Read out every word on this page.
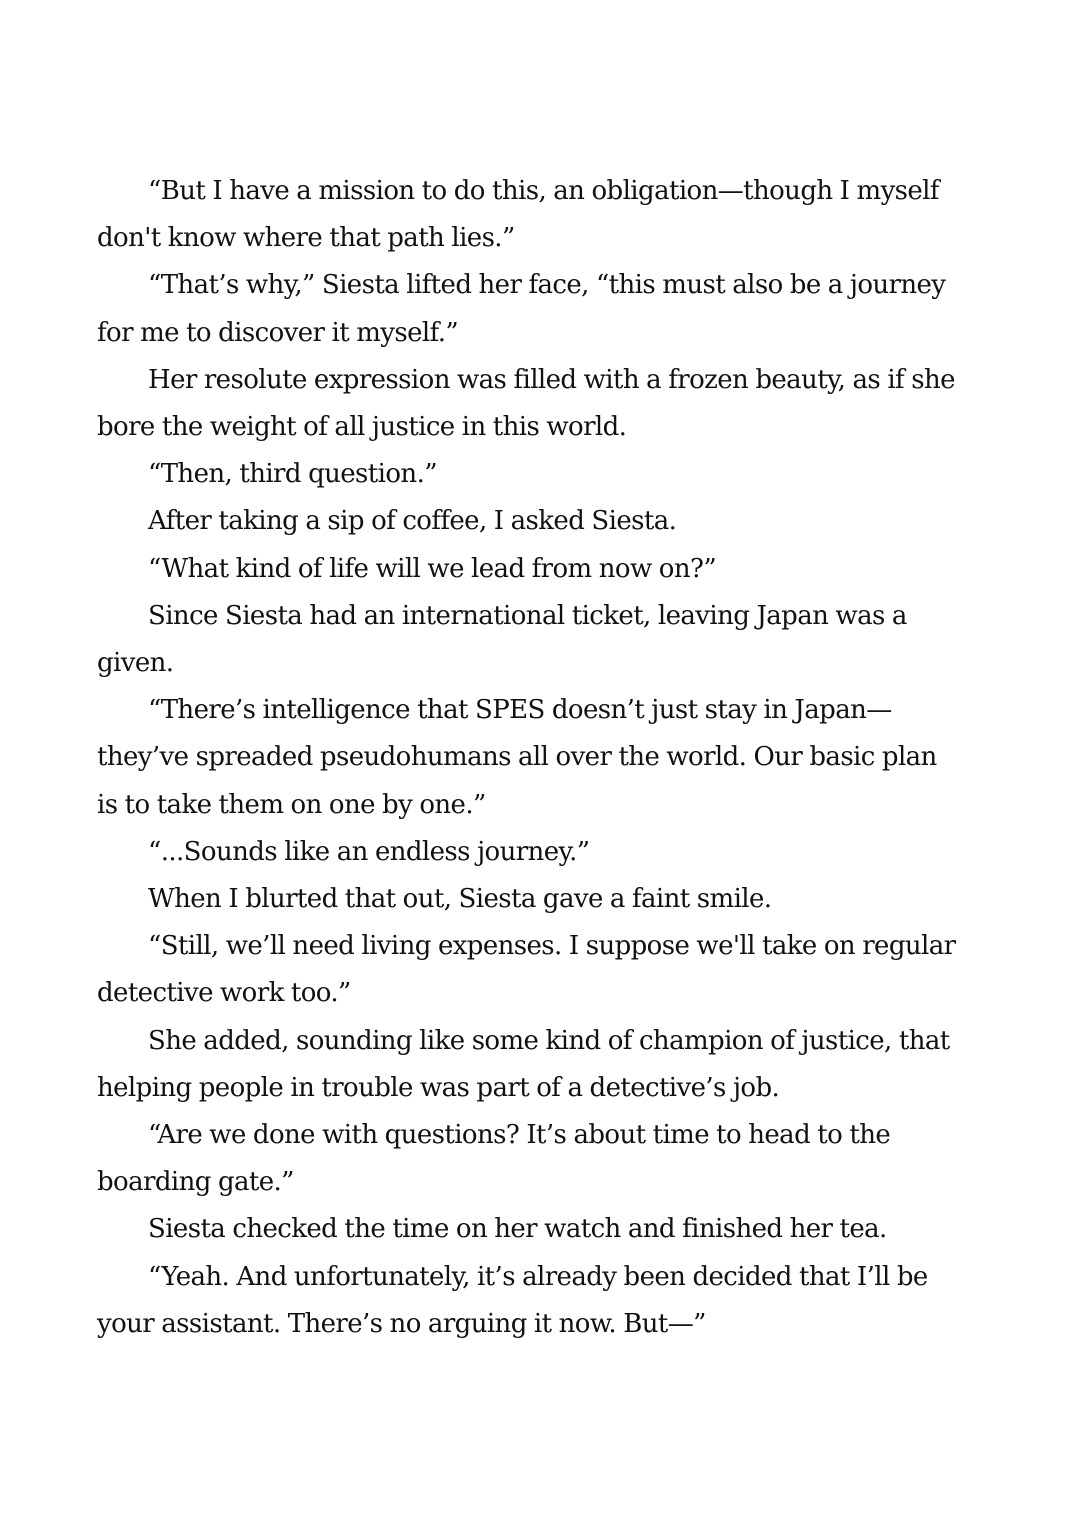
“But I have a mission to do this, an obligation—though I myself don't know where that path lies.”

“That’s why,” Siesta lifted her face, “this must also be a journey for me to discover it myself.”

Her resolute expression was filled with a frozen beauty, as if she bore the weight of all justice in this world.

“Then, third question.”

After taking a sip of coffee, I asked Siesta.

“What kind of life will we lead from now on?”

Since Siesta had an international ticket, leaving Japan was a given.

“There’s intelligence that SPES doesn’t just stay in Japan— they’ve spreaded pseudohumans all over the world. Our basic plan is to take them on one by one.”

“...Sounds like an endless journey.”

When I blurted that out, Siesta gave a faint smile.

“Still, we’ll need living expenses. I suppose we'll take on regular detective work too.”

She added, sounding like some kind of champion of justice, that helping people in trouble was part of a detective’s job.

“Are we done with questions? It’s about time to head to the boarding gate.”

Siesta checked the time on her watch and finished her tea.

“Yeah. And unfortunately, it’s already been decided that I’ll be your assistant. There’s no arguing it now. But—”
